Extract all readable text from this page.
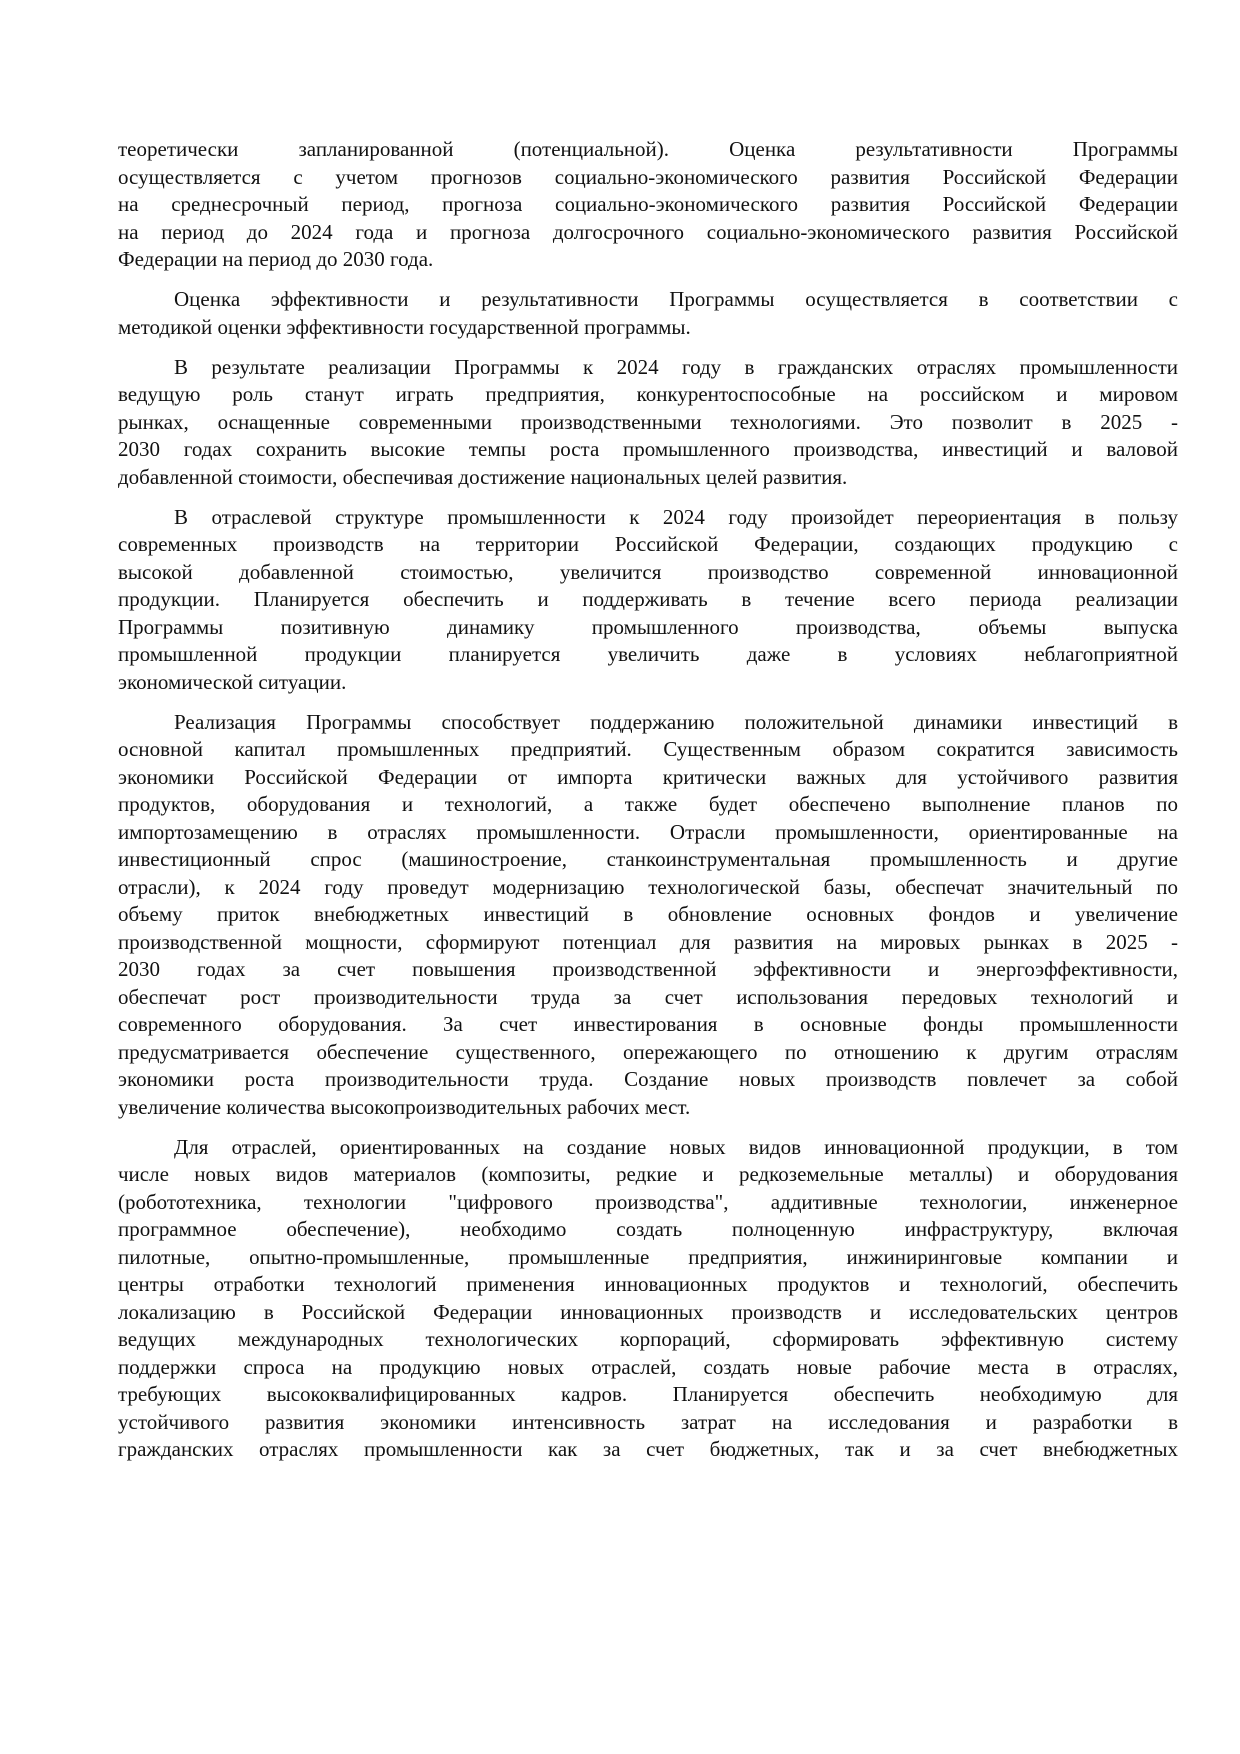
теоретически запланированной (потенциальной). Оценка результативности Программы
осуществляется с учетом прогнозов социально-экономического развития Российской Федерации
на среднесрочный период, прогноза социально-экономического развития Российской Федерации
на период до 2024 года и прогноза долгосрочного социально-экономического развития Российской
Федерации на период до 2030 года.
Оценка эффективности и результативности Программы осуществляется в соответствии с
методикой оценки эффективности государственной программы.
В результате реализации Программы к 2024 году в гражданских отраслях промышленности
ведущую роль станут играть предприятия, конкурентоспособные на российском и мировом
рынках, оснащенные современными производственными технологиями. Это позволит в 2025 -
2030 годах сохранить высокие темпы роста промышленного производства, инвестиций и валовой
добавленной стоимости, обеспечивая достижение национальных целей развития.
В отраслевой структуре промышленности к 2024 году произойдет переориентация в пользу
современных производств на территории Российской Федерации, создающих продукцию с
высокой добавленной стоимостью, увеличится производство современной инновационной
продукции. Планируется обеспечить и поддерживать в течение всего периода реализации
Программы позитивную динамику промышленного производства, объемы выпуска
промышленной продукции планируется увеличить даже в условиях неблагоприятной
экономической ситуации.
Реализация Программы способствует поддержанию положительной динамики инвестиций в
основной капитал промышленных предприятий. Существенным образом сократится зависимость
экономики Российской Федерации от импорта критически важных для устойчивого развития
продуктов, оборудования и технологий, а также будет обеспечено выполнение планов по
импортозамещению в отраслях промышленности. Отрасли промышленности, ориентированные на
инвестиционный спрос (машиностроение, станкоинструментальная промышленность и другие
отрасли), к 2024 году проведут модернизацию технологической базы, обеспечат значительный по
объему приток внебюджетных инвестиций в обновление основных фондов и увеличение
производственной мощности, сформируют потенциал для развития на мировых рынках в 2025 -
2030 годах за счет повышения производственной эффективности и энергоэффективности,
обеспечат рост производительности труда за счет использования передовых технологий и
современного оборудования. За счет инвестирования в основные фонды промышленности
предусматривается обеспечение существенного, опережающего по отношению к другим отраслям
экономики роста производительности труда. Создание новых производств повлечет за собой
увеличение количества высокопроизводительных рабочих мест.
Для отраслей, ориентированных на создание новых видов инновационной продукции, в том
числе новых видов материалов (композиты, редкие и редкоземельные металлы) и оборудования
(робототехника, технологии "цифрового производства", аддитивные технологии, инженерное
программное обеспечение), необходимо создать полноценную инфраструктуру, включая
пилотные, опытно-промышленные, промышленные предприятия, инжиниринговые компании и
центры отработки технологий применения инновационных продуктов и технологий, обеспечить
локализацию в Российской Федерации инновационных производств и исследовательских центров
ведущих международных технологических корпораций, сформировать эффективную систему
поддержки спроса на продукцию новых отраслей, создать новые рабочие места в отраслях,
требующих высококвалифицированных кадров. Планируется обеспечить необходимую для
устойчивого развития экономики интенсивность затрат на исследования и разработки в
гражданских отраслях промышленности как за счет бюджетных, так и за счет внебюджетных
